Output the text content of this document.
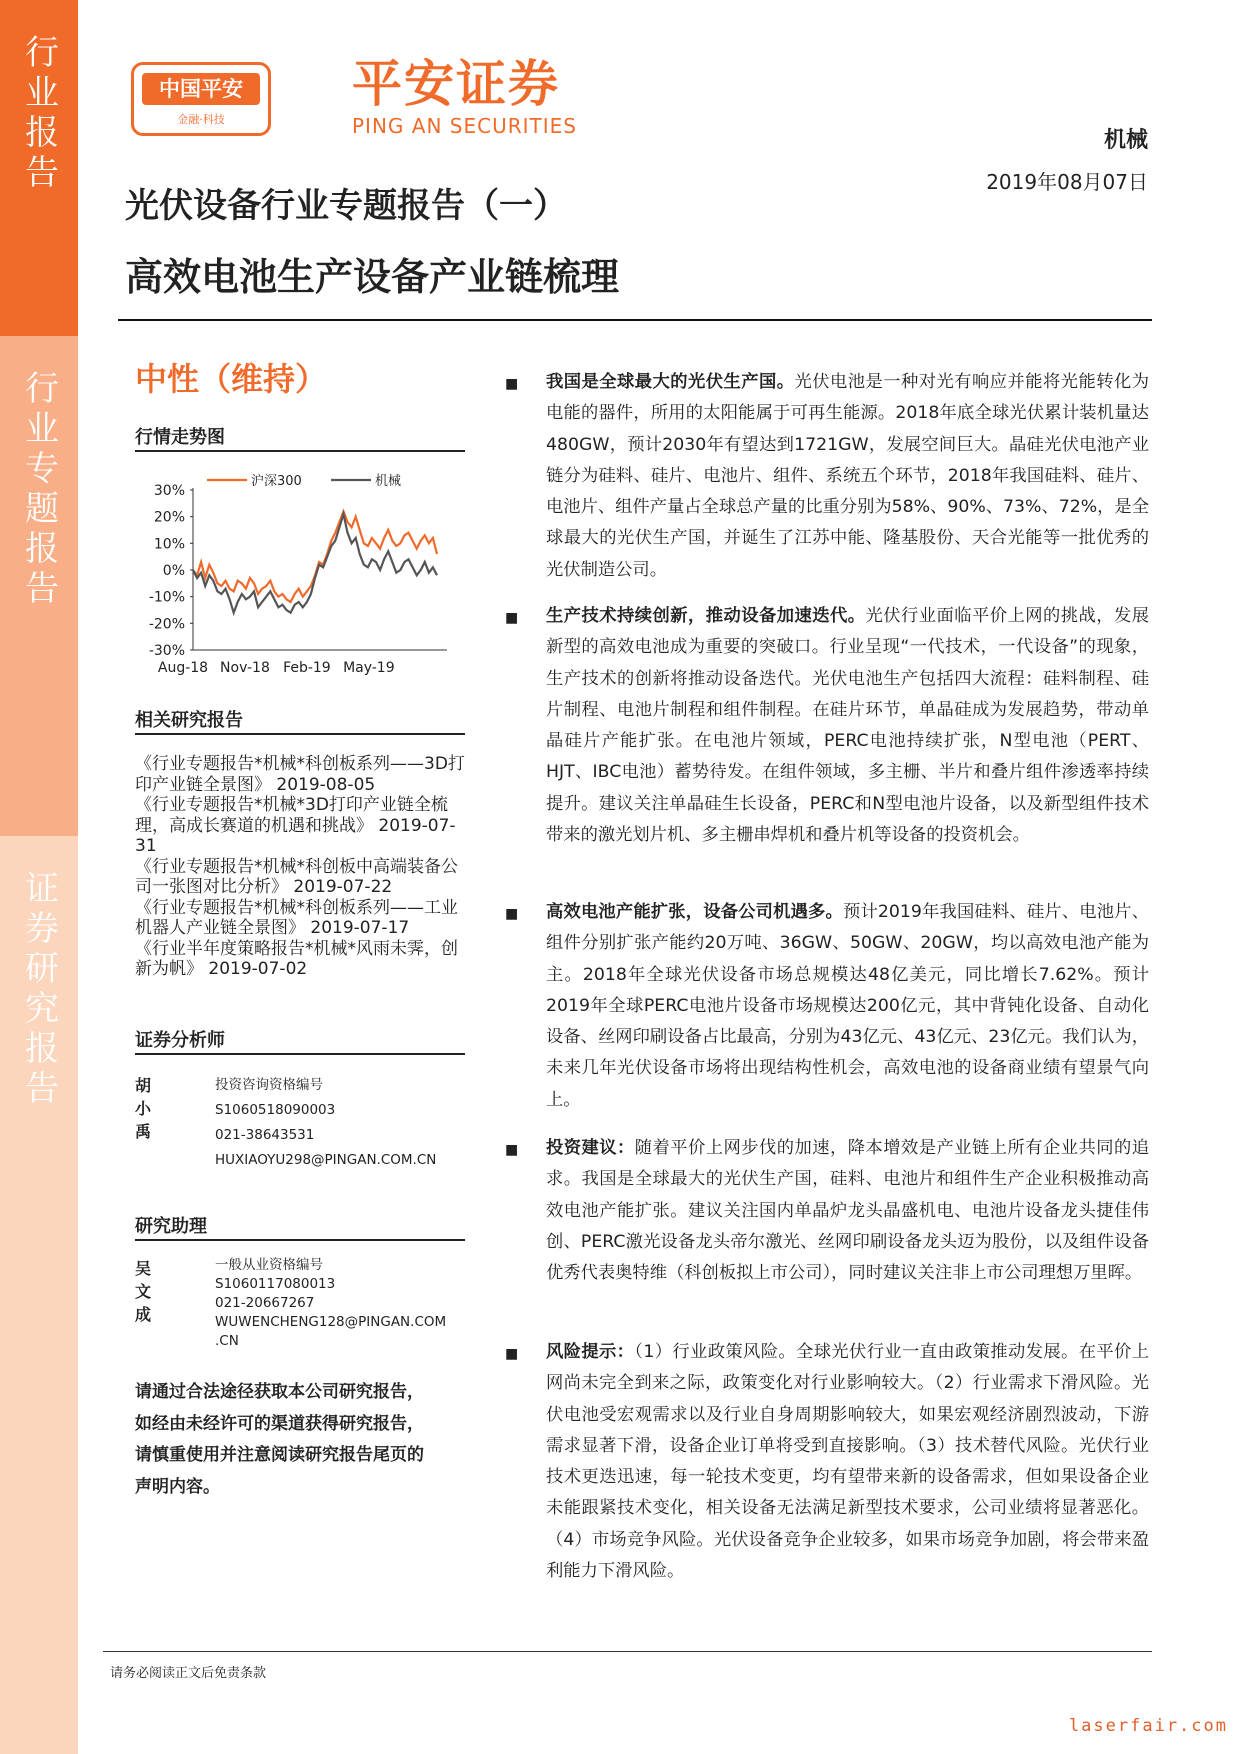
行业报告
行业专题报告
证券研究报告
中国平安
金融·科技
平安证券
PING AN SECURITIES
机械
2019年08月07日
光伏设备行业专题报告（一）
高效电池生产设备产业链梳理
中性（维持）
行情走势图
30%
20%
10%
0%
-10%
-20%
-30%
Aug-18 Nov-18 Feb-19 May-19
沪深300	机械
相关研究报告

《行业专题报告*机械*科创板系列——3D打印产业链全景图》 2019-08-05

《行业专题报告*机械*3D打印产业链全梳理，高成长赛道的机遇和挑战》 2019-07-31

《行业专题报告*机械*科创板中高端装备公司一张图对比分析》 2019-07-22

《行业专题报告*机械*科创板系列——工业机器人产业链全景图》 2019-07-17

《行业半年度策略报告*机械*风雨未霁，创新为帆》 2019-07-02

证券分析师
胡小禹
投资咨询资格编号
S1060518090003
021-38643531
HUXIAOYU298@PINGAN.COM.CN
研究助理
吴文成
一般从业资格编号
S1060117080013
021-20667267
WUWENCHENG128@PINGAN.COM
.CN
请通过合法途径获取本公司研究报告，如经由未经许可的渠道获得研究报告，请慎重使用并注意阅读研究报告尾页的声明内容。
■ 我国是全球最大的光伏生产国。光伏电池是一种对光有响应并能将光能转化为电能的器件，所用的太阳能属于可再生能源。2018年底全球光伏累计装机量达480GW，预计2030年有望达到1721GW，发展空间巨大。晶硅光伏电池产业链分为硅料、硅片、电池片、组件、系统五个环节，2018年我国硅料、硅片、电池片、组件产量占全球总产量的比重分别为58%、90%、73%、72%，是全球最大的光伏生产国，并诞生了江苏中能、隆基股份、天合光能等一批优秀的光伏制造公司。
■ 生产技术持续创新，推动设备加速迭代。光伏行业面临平价上网的挑战，发展新型的高效电池成为重要的突破口。行业呈现“一代技术，一代设备”的现象，生产技术的创新将推动设备迭代。光伏电池生产包括四大流程：硅料制程、硅片制程、电池片制程和组件制程。在硅片环节，单晶硅成为发展趋势，带动单晶硅片产能扩张。在电池片领域，PERC电池持续扩张，N型电池（PERT、HJT、IBC电池）蓄势待发。在组件领域，多主栅、半片和叠片组件渗透率持续提升。建议关注单晶硅生长设备，PERC和N型电池片设备，以及新型组件技术带来的激光划片机、多主栅串焊机和叠片机等设备的投资机会。
■ 高效电池产能扩张，设备公司机遇多。预计2019年我国硅料、硅片、电池片、组件分别扩张产能约20万吨、36GW、50GW、20GW，均以高效电池产能为主。2018年全球光伏设备市场总规模达48亿美元，同比增长7.62%。预计2019年全球PERC电池片设备市场规模达200亿元，其中背钝化设备、自动化设备、丝网印刷设备占比最高，分别为43亿元、43亿元、23亿元。我们认为，未来几年光伏设备市场将出现结构性机会，高效电池的设备商业绩有望景气向上。
■ 投资建议：随着平价上网步伐的加速，降本增效是产业链上所有企业共同的追求。我国是全球最大的光伏生产国，硅料、电池片和组件生产企业积极推动高效电池产能扩张。建议关注国内单晶炉龙头晶盛机电、电池片设备龙头捷佳伟创、PERC激光设备龙头帝尔激光、丝网印刷设备龙头迈为股份，以及组件设备优秀代表奥特维（科创板拟上市公司），同时建议关注非上市公司理想万里晖。
■ 风险提示：（1）行业政策风险。全球光伏行业一直由政策推动发展。在平价上网尚未完全到来之际，政策变化对行业影响较大。（2）行业需求下滑风险。光伏电池受宏观需求以及行业自身周期影响较大，如果宏观经济剧烈波动，下游需求显著下滑，设备企业订单将受到直接影响。（3）技术替代风险。光伏行业技术更迭迅速，每一轮技术变更，均有望带来新的设备需求，但如果设备企业未能跟紧技术变化，相关设备无法满足新型技术要求，公司业绩将显著恶化。（4）市场竞争风险。光伏设备竞争企业较多，如果市场竞争加剧，将会带来盈利能力下滑风险。
请务必阅读正文后免责条款
laserfair.com
